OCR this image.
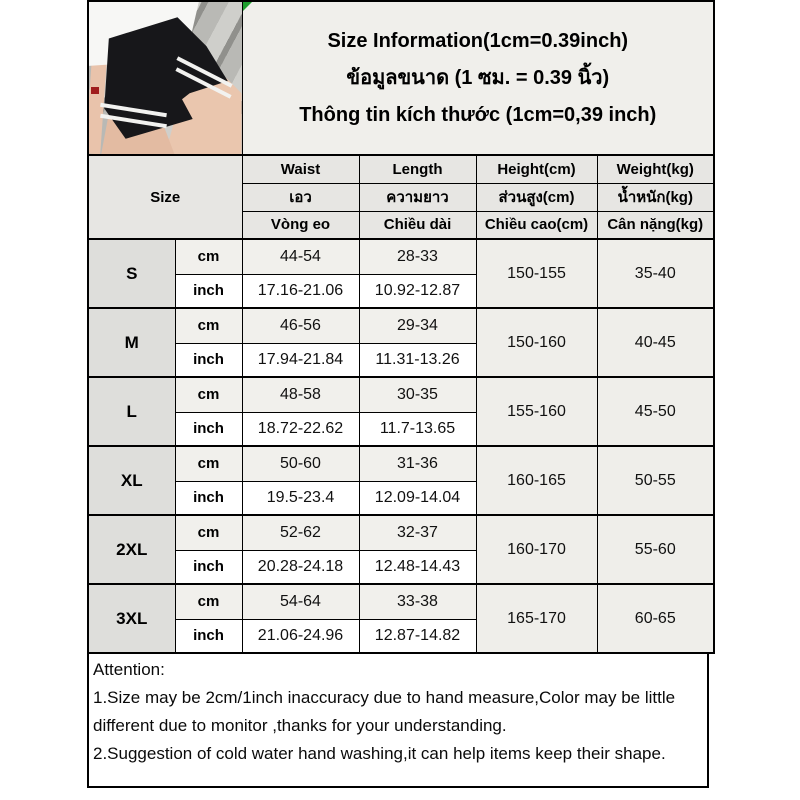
		Size Information(1cm=0.39inch)
ข้อมูลขนาด (1 ซม. = 0.39 นิ้ว)
Thông tin kích thước (1cm=0,39 inch)			

Size		Waist	Length	Height(cm)	Weight(kg)
		เอว	ความยาว	ส่วนสูง(cm)	น้ำหนัก(kg)
		Vòng eo	Chiều dài	Chiều cao(cm)	Cân nặng(kg)
S	cm	44-54	28-33	150-155	35-40
	inch	17.16-21.06	10.92-12.87		
M	cm	46-56	29-34	150-160	40-45
	inch	17.94-21.84	11.31-13.26		
L	cm	48-58	30-35	155-160	45-50
	inch	18.72-22.62	11.7-13.65		
XL	cm	50-60	31-36	160-165	50-55
	inch	19.5-23.4	12.09-14.04		
2XL	cm	52-62	32-37	160-170	55-60
	inch	20.28-24.18	12.48-14.43		
3XL	cm	54-64	33-38	165-170	60-65
	inch	21.06-24.96	12.87-14.82		
Attention:
1.Size may be 2cm/1inch inaccuracy due to hand measure,Color may be little
different due to monitor ,thanks for your understanding.
2.Suggestion of cold water hand washing,it can help items keep their shape.
